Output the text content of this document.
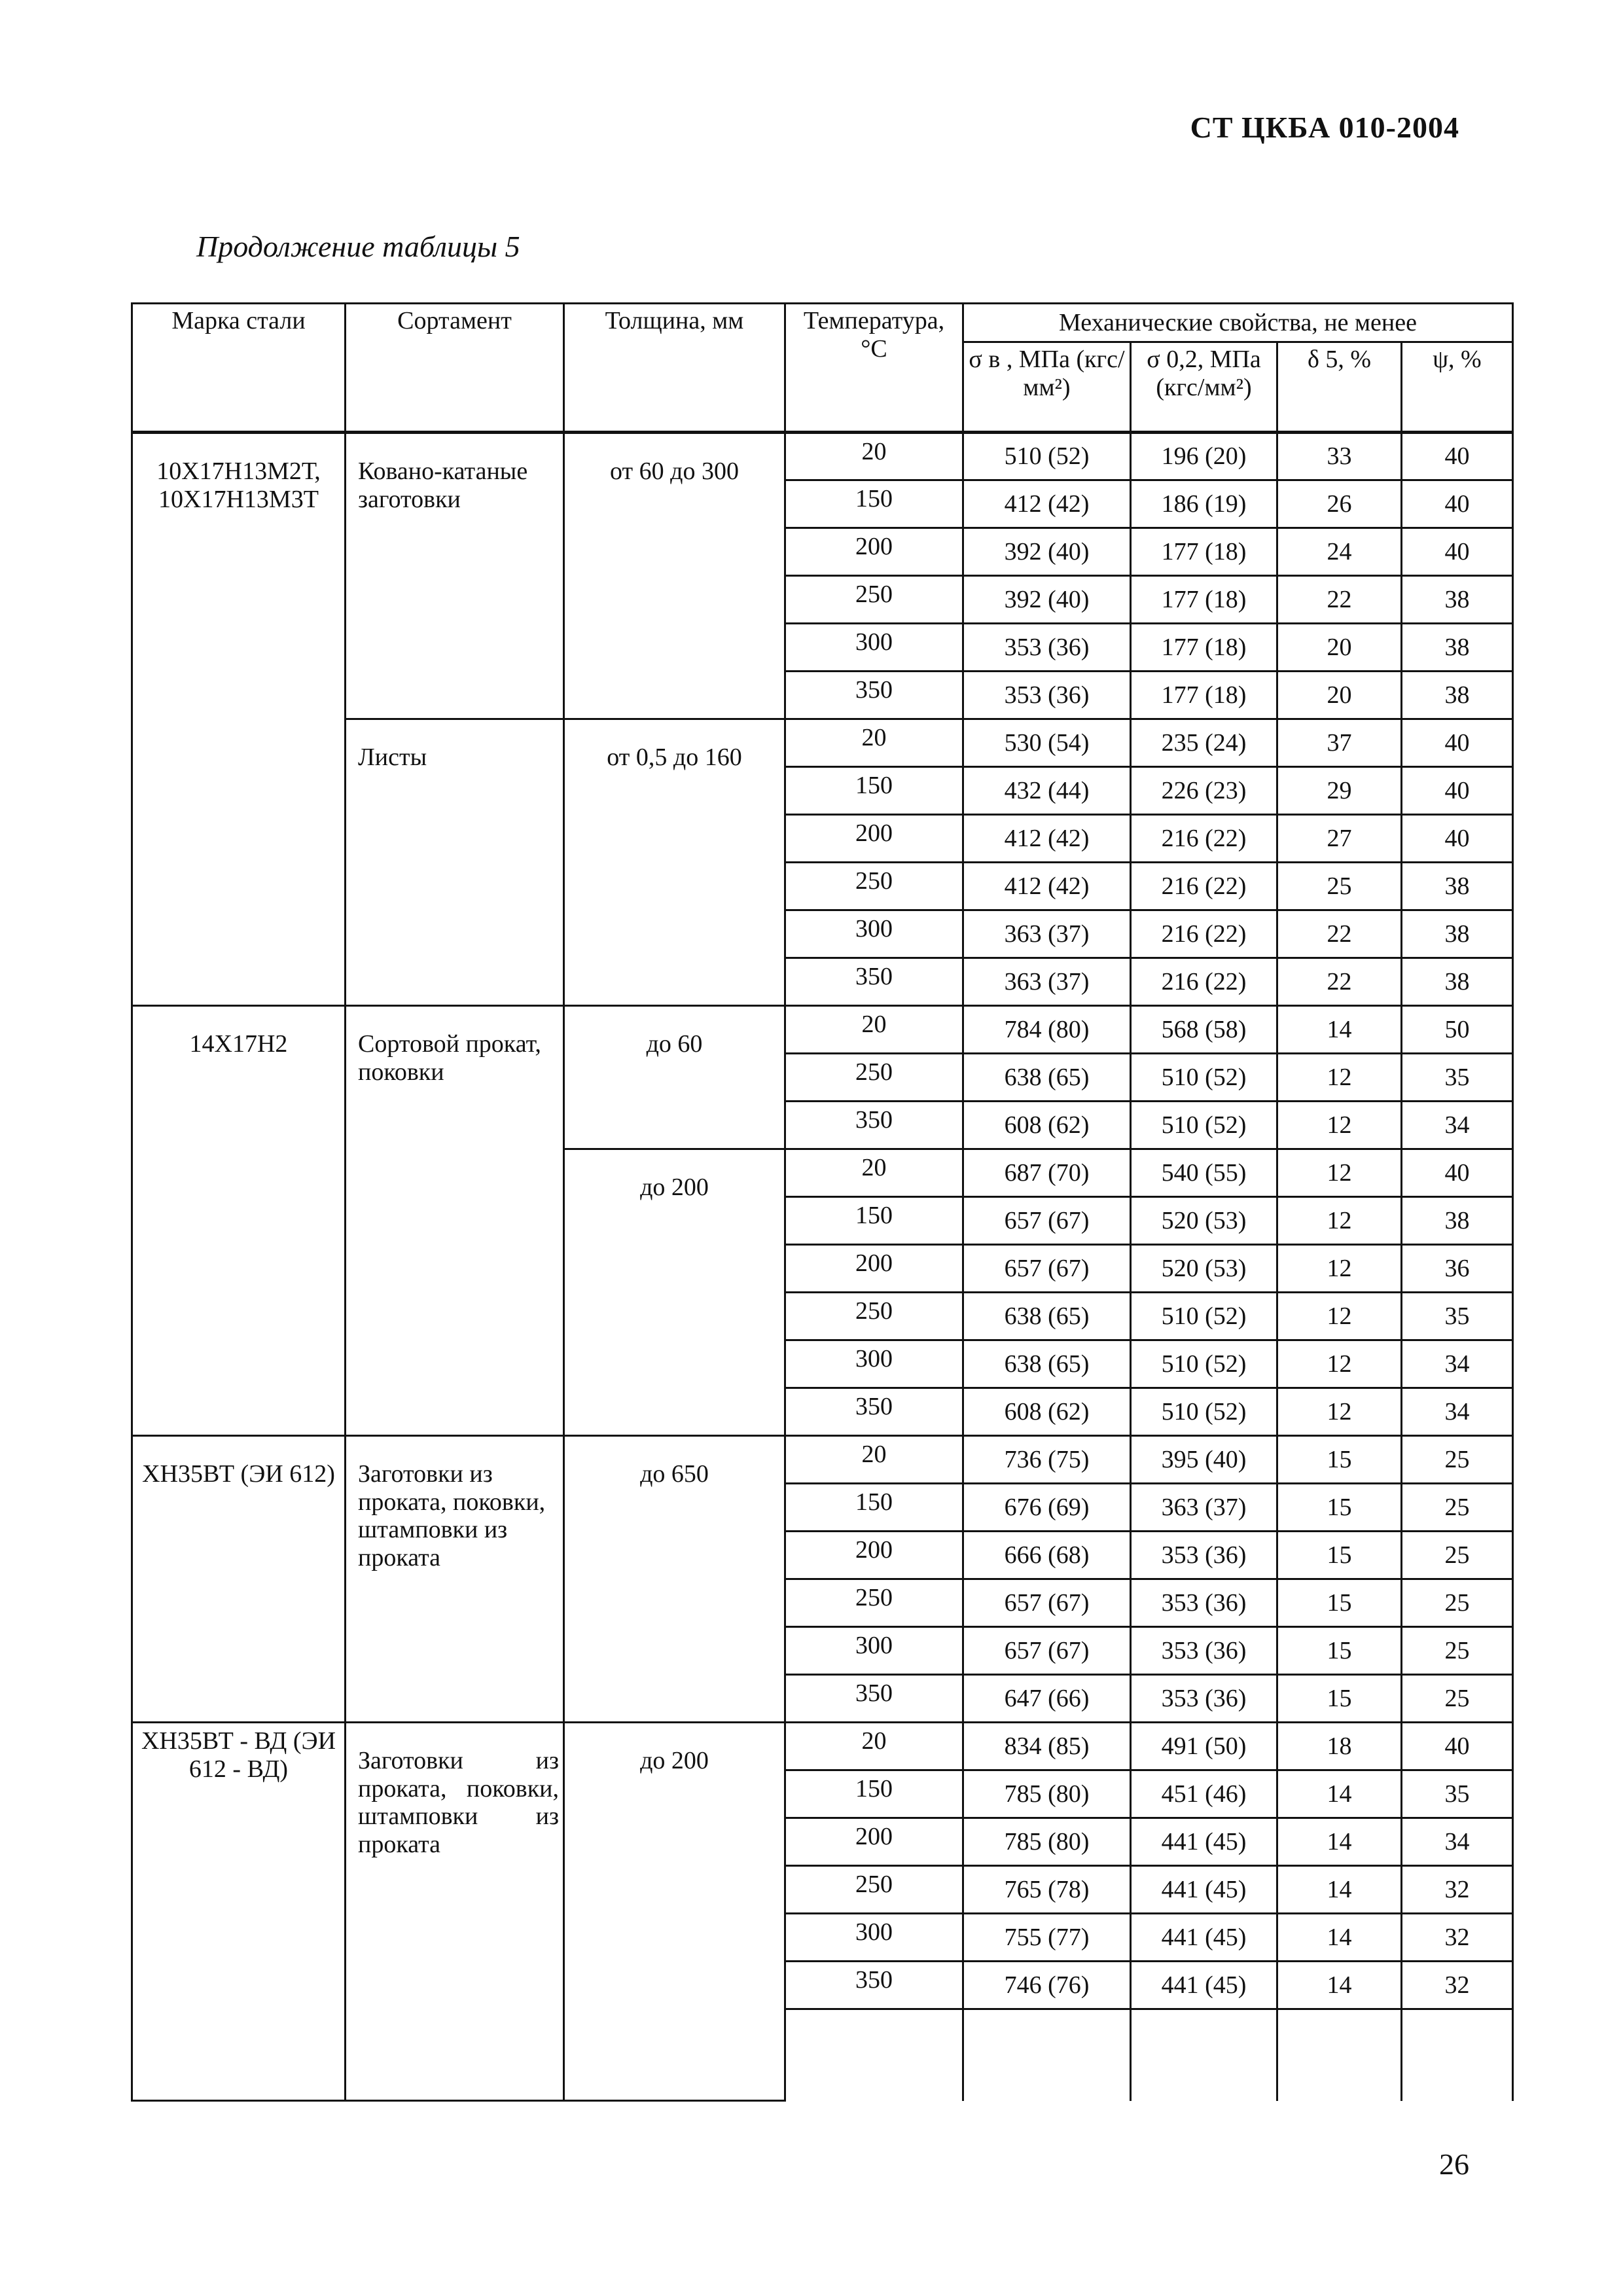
СТ ЦКБА 010-2004
Продолжение таблицы 5
Марка стали	Сортамент	Толщина, мм	Температура, °С	Механические свойства, не менее			
				σ в , МПа (кгс/мм²)	σ 0,2, МПа (кгс/мм²)	δ 5, %	ψ, %
10Х17Н13М2Т, 10Х17Н13М3Т	Ковано-катаные заготовки	от 60 до 300	20	510 (52)	196 (20)	33	40
			150	412 (42)	186 (19)	26	40
			200	392 (40)	177 (18)	24	40
			250	392 (40)	177 (18)	22	38
			300	353 (36)	177 (18)	20	38
			350	353 (36)	177 (18)	20	38
	Листы	от 0,5 до 160	20	530 (54)	235 (24)	37	40
			150	432 (44)	226 (23)	29	40
			200	412 (42)	216 (22)	27	40
			250	412 (42)	216 (22)	25	38
			300	363 (37)	216 (22)	22	38
			350	363 (37)	216 (22)	22	38
14Х17Н2	Сортовой прокат, поковки	до 60	20	784 (80)	568 (58)	14	50
			250	638 (65)	510 (52)	12	35
			350	608 (62)	510 (52)	12	34
		до 200	20	687 (70)	540 (55)	12	40
			150	657 (67)	520 (53)	12	38
			200	657 (67)	520 (53)	12	36
			250	638 (65)	510 (52)	12	35
			300	638 (65)	510 (52)	12	34
			350	608 (62)	510 (52)	12	34
ХН35ВТ (ЭИ 612)	Заготовки из проката, поковки, штамповки из проката	до 650	20	736 (75)	395 (40)	15	25
			150	676 (69)	363 (37)	15	25
			200	666 (68)	353 (36)	15	25
			250	657 (67)	353 (36)	15	25
			300	657 (67)	353 (36)	15	25
			350	647 (66)	353 (36)	15	25
ХН35ВТ - ВД (ЭИ 612 - ВД)	Заготовки из проката, поковки, штамповки из проката	до 200	20	834 (85)	491 (50)	18	40
			150	785 (80)	451 (46)	14	35
			200	785 (80)	441 (45)	14	34
			250	765 (78)	441 (45)	14	32
			300	755 (77)	441 (45)	14	32
			350	746 (76)	441 (45)	14	32

26
